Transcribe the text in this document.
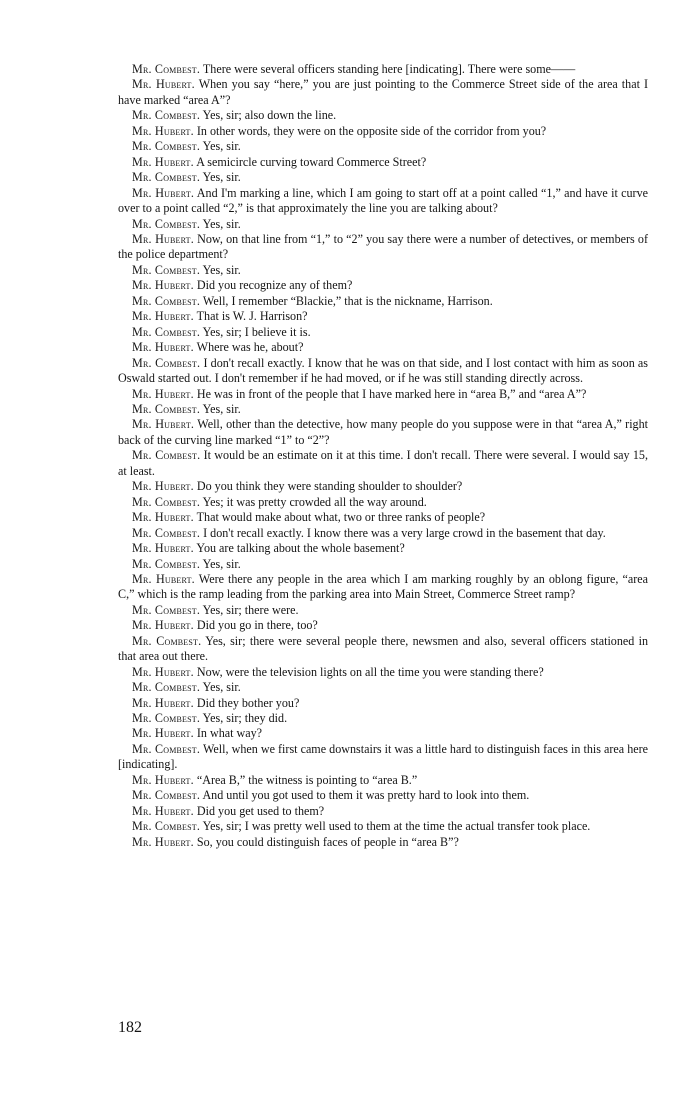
Mr. Combest. There were several officers standing here [indicating]. There were some——

Mr. Hubert. When you say “here,” you are just pointing to the Commerce Street side of the area that I have marked “area A”?

Mr. Combest. Yes, sir; also down the line.

Mr. Hubert. In other words, they were on the opposite side of the corridor from you?

Mr. Combest. Yes, sir.

Mr. Hubert. A semicircle curving toward Commerce Street?

Mr. Combest. Yes, sir.

Mr. Hubert. And I'm marking a line, which I am going to start off at a point called “1,” and have it curve over to a point called “2,” is that approximately the line you are talking about?

Mr. Combest. Yes, sir.

Mr. Hubert. Now, on that line from “1,” to “2” you say there were a number of detectives, or members of the police department?

Mr. Combest. Yes, sir.

Mr. Hubert. Did you recognize any of them?

Mr. Combest. Well, I remember “Blackie,” that is the nickname, Harrison.

Mr. Hubert. That is W. J. Harrison?

Mr. Combest. Yes, sir; I believe it is.

Mr. Hubert. Where was he, about?

Mr. Combest. I don't recall exactly. I know that he was on that side, and I lost contact with him as soon as Oswald started out. I don't remember if he had moved, or if he was still standing directly across.

Mr. Hubert. He was in front of the people that I have marked here in “area B,” and “area A”?

Mr. Combest. Yes, sir.

Mr. Hubert. Well, other than the detective, how many people do you suppose were in that “area A,” right back of the curving line marked “1” to “2”?

Mr. Combest. It would be an estimate on it at this time. I don't recall. There were several. I would say 15, at least.

Mr. Hubert. Do you think they were standing shoulder to shoulder?

Mr. Combest. Yes; it was pretty crowded all the way around.

Mr. Hubert. That would make about what, two or three ranks of people?

Mr. Combest. I don't recall exactly. I know there was a very large crowd in the basement that day.

Mr. Hubert. You are talking about the whole basement?

Mr. Combest. Yes, sir.

Mr. Hubert. Were there any people in the area which I am marking roughly by an oblong figure, “area C,” which is the ramp leading from the parking area into Main Street, Commerce Street ramp?

Mr. Combest. Yes, sir; there were.

Mr. Hubert. Did you go in there, too?

Mr. Combest. Yes, sir; there were several people there, newsmen and also, several officers stationed in that area out there.

Mr. Hubert. Now, were the television lights on all the time you were standing there?

Mr. Combest. Yes, sir.

Mr. Hubert. Did they bother you?

Mr. Combest. Yes, sir; they did.

Mr. Hubert. In what way?

Mr. Combest. Well, when we first came downstairs it was a little hard to distinguish faces in this area here [indicating].

Mr. Hubert. “Area B,” the witness is pointing to “area B.”

Mr. Combest. And until you got used to them it was pretty hard to look into them.

Mr. Hubert. Did you get used to them?

Mr. Combest. Yes, sir; I was pretty well used to them at the time the actual transfer took place.

Mr. Hubert. So, you could distinguish faces of people in “area B”?

182
